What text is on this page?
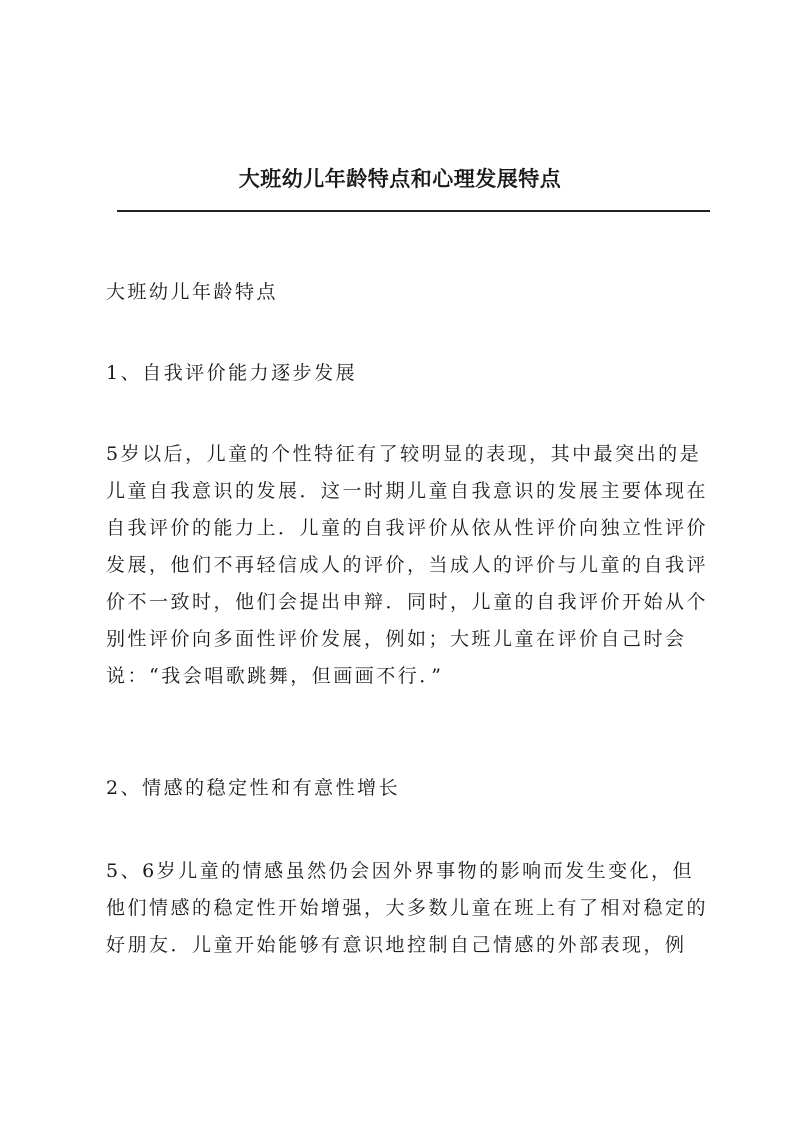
大班幼儿年龄特点和心理发展特点

大班幼儿年龄特点

1、自我评价能力逐步发展

5岁以后，儿童的个性特征有了较明显的表现，其中最突出的是
儿童自我意识的发展．这一时期儿童自我意识的发展主要体现在
自我评价的能力上．儿童的自我评价从依从性评价向独立性评价
发展，他们不再轻信成人的评价，当成人的评价与儿童的自我评
价不一致时，他们会提出申辩．同时，儿童的自我评价开始从个
别性评价向多面性评价发展，例如；大班儿童在评价自己时会
说：“我会唱歌跳舞，但画画不行．”

2、情感的稳定性和有意性增长

5、6岁儿童的情感虽然仍会因外界事物的影响而发生变化，但
他们情感的稳定性开始增强，大多数儿童在班上有了相对稳定的
好朋友．儿童开始能够有意识地控制自己情感的外部表现，例
